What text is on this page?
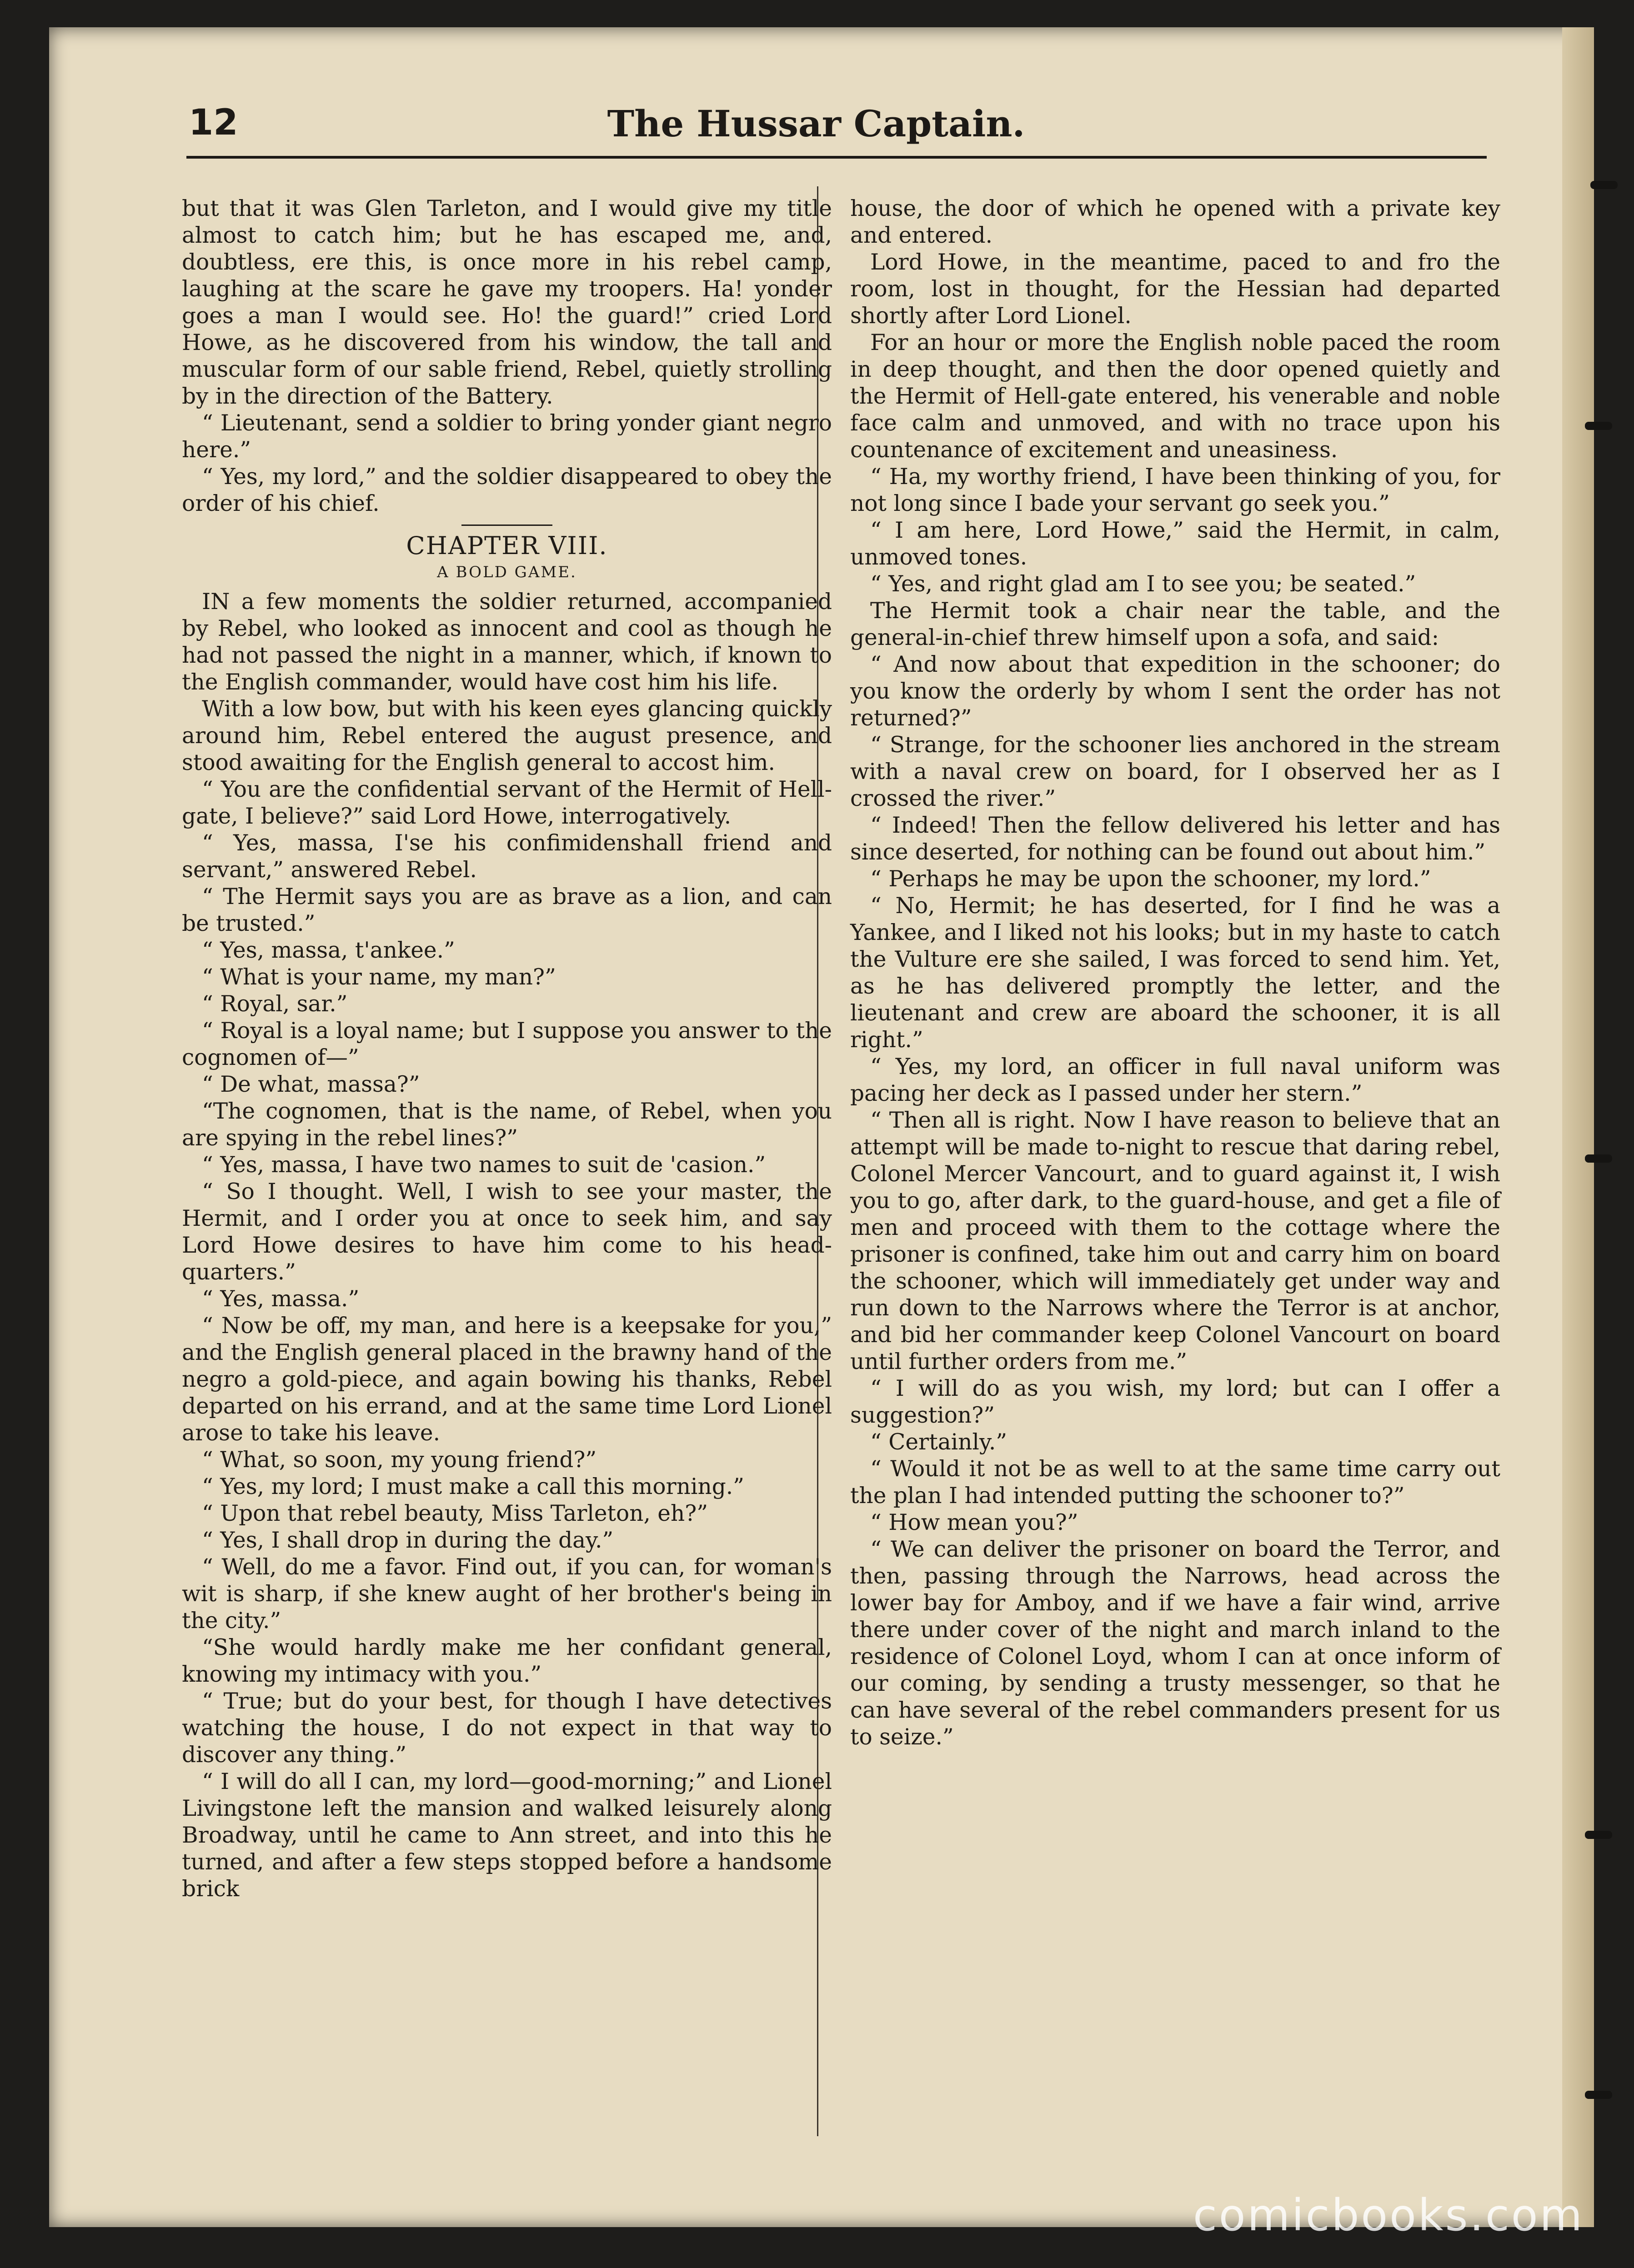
12	The Hussar Captain.

but that it was Glen Tarleton, and I would give my title almost to catch him; but he has escaped me, and, doubtless, ere this, is once more in his rebel camp, laughing at the scare he gave my troopers. Ha! yonder goes a man I would see. Ho! the guard!” cried Lord Howe, as he discovered from his window, the tall and muscular form of our sable friend, Rebel, quietly strolling by in the direction of the Battery.

“ Lieutenant, send a soldier to bring yonder giant negro here.”

“ Yes, my lord,” and the soldier disappeared to obey the order of his chief.

CHAPTER VIII.
A BOLD GAME.

IN a few moments the soldier returned, accompanied by Rebel, who looked as innocent and cool as though he had not passed the night in a manner, which, if known to the English commander, would have cost him his life.

With a low bow, but with his keen eyes glancing quickly around him, Rebel entered the august presence, and stood awaiting for the English general to accost him.

“ You are the confidential servant of the Hermit of Hell-gate, I believe?” said Lord Howe, interrogatively.

“ Yes, massa, I'se his confimidenshall friend and servant,” answered Rebel.

“ The Hermit says you are as brave as a lion, and can be trusted.”

“ Yes, massa, t'ankee.”

“ What is your name, my man?”

“ Royal, sar.”

“ Royal is a loyal name; but I suppose you answer to the cognomen of—”

“ De what, massa?”

“The cognomen, that is the name, of Rebel, when you are spying in the rebel lines?”

“ Yes, massa, I have two names to suit de 'casion.”

“ So I thought. Well, I wish to see your master, the Hermit, and I order you at once to seek him, and say Lord Howe desires to have him come to his head-quarters.”

“ Yes, massa.”

“ Now be off, my man, and here is a keepsake for you,” and the English general placed in the brawny hand of the negro a gold-piece, and again bowing his thanks, Rebel departed on his errand, and at the same time Lord Lionel arose to take his leave.

“ What, so soon, my young friend?”

“ Yes, my lord; I must make a call this morning.”

“ Upon that rebel beauty, Miss Tarleton, eh?”

“ Yes, I shall drop in during the day.”

“ Well, do me a favor. Find out, if you can, for woman's wit is sharp, if she knew aught of her brother's being in the city.”

“She would hardly make me her confidant general, knowing my intimacy with you.”

“ True; but do your best, for though I have detectives watching the house, I do not expect in that way to discover any thing.”

“ I will do all I can, my lord—good-morning;” and Lionel Livingstone left the mansion and walked leisurely along Broadway, until he came to Ann street, and into this he turned, and after a few steps stopped before a handsome brick

house, the door of which he opened with a private key and entered.

Lord Howe, in the meantime, paced to and fro the room, lost in thought, for the Hessian had departed shortly after Lord Lionel.

For an hour or more the English noble paced the room in deep thought, and then the door opened quietly and the Hermit of Hell-gate entered, his venerable and noble face calm and unmoved, and with no trace upon his countenance of excitement and uneasiness.

“ Ha, my worthy friend, I have been thinking of you, for not long since I bade your servant go seek you.”

“ I am here, Lord Howe,” said the Hermit, in calm, unmoved tones.

“ Yes, and right glad am I to see you; be seated.”

The Hermit took a chair near the table, and the general-in-chief threw himself upon a sofa, and said:

“ And now about that expedition in the schooner; do you know the orderly by whom I sent the order has not returned?”

“ Strange, for the schooner lies anchored in the stream with a naval crew on board, for I observed her as I crossed the river.”

“ Indeed! Then the fellow delivered his letter and has since deserted, for nothing can be found out about him.”

“ Perhaps he may be upon the schooner, my lord.”

“ No, Hermit; he has deserted, for I find he was a Yankee, and I liked not his looks; but in my haste to catch the Vulture ere she sailed, I was forced to send him. Yet, as he has delivered promptly the letter, and the lieutenant and crew are aboard the schooner, it is all right.”

“ Yes, my lord, an officer in full naval uniform was pacing her deck as I passed under her stern.”

“ Then all is right. Now I have reason to believe that an attempt will be made to-night to rescue that daring rebel, Colonel Mercer Vancourt, and to guard against it, I wish you to go, after dark, to the guard-house, and get a file of men and proceed with them to the cottage where the prisoner is confined, take him out and carry him on board the schooner, which will immediately get under way and run down to the Narrows where the Terror is at anchor, and bid her commander keep Colonel Vancourt on board until further orders from me.”

“ I will do as you wish, my lord; but can I offer a suggestion?”

“ Certainly.”

“ Would it not be as well to at the same time carry out the plan I had intended putting the schooner to?”

“ How mean you?”

“ We can deliver the prisoner on board the Terror, and then, passing through the Narrows, head across the lower bay for Amboy, and if we have a fair wind, arrive there under cover of the night and march inland to the residence of Colonel Loyd, whom I can at once inform of our coming, by sending a trusty messenger, so that he can have several of the rebel commanders present for us to seize.”

comicbooks.com
